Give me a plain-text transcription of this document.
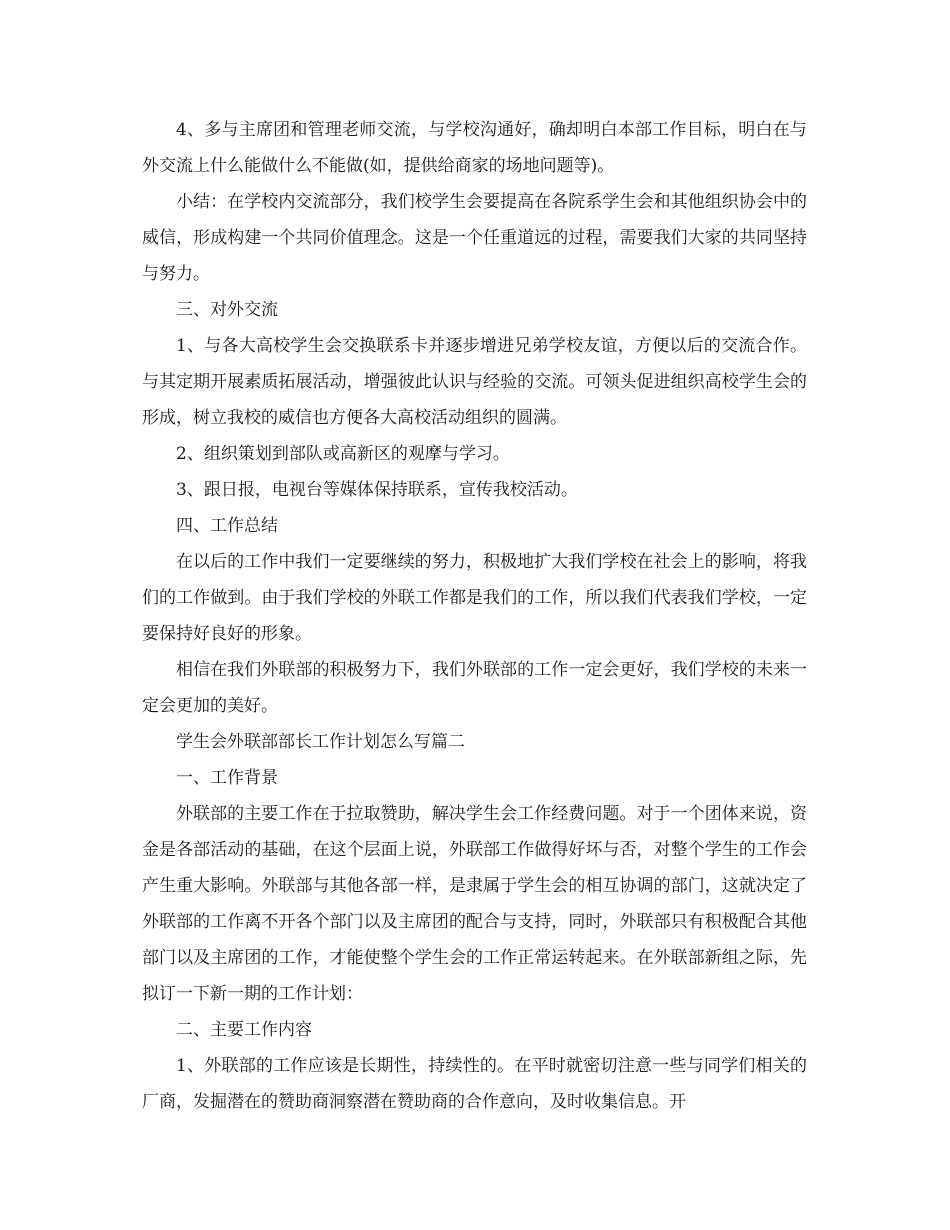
4、多与主席团和管理老师交流，与学校沟通好，确却明白本部工作目标，明白在与外交流上什么能做什么不能做(如，提供给商家的场地问题等)。

小结：在学校内交流部分，我们校学生会要提高在各院系学生会和其他组织协会中的威信，形成构建一个共同价值理念。这是一个任重道远的过程，需要我们大家的共同坚持与努力。

三、对外交流

1、与各大高校学生会交换联系卡并逐步增进兄弟学校友谊，方便以后的交流合作。与其定期开展素质拓展活动，增强彼此认识与经验的交流。可领头促进组织高校学生会的形成，树立我校的威信也方便各大高校活动组织的圆满。

2、组织策划到部队或高新区的观摩与学习。

3、跟日报，电视台等媒体保持联系，宣传我校活动。

四、工作总结

在以后的工作中我们一定要继续的努力，积极地扩大我们学校在社会上的影响，将我们的工作做到。由于我们学校的外联工作都是我们的工作，所以我们代表我们学校，一定要保持好良好的形象。

相信在我们外联部的积极努力下，我们外联部的工作一定会更好，我们学校的未来一定会更加的美好。

学生会外联部部长工作计划怎么写篇二

一、工作背景

外联部的主要工作在于拉取赞助，解决学生会工作经费问题。对于一个团体来说，资金是各部活动的基础，在这个层面上说，外联部工作做得好坏与否，对整个学生的工作会产生重大影响。外联部与其他各部一样，是隶属于学生会的相互协调的部门，这就决定了外联部的工作离不开各个部门以及主席团的配合与支持，同时，外联部只有积极配合其他部门以及主席团的工作，才能使整个学生会的工作正常运转起来。在外联部新组之际，先拟订一下新一期的工作计划：

二、主要工作内容

1、外联部的工作应该是长期性，持续性的。在平时就密切注意一些与同学们相关的厂商，发掘潜在的赞助商洞察潜在赞助商的合作意向，及时收集信息。开
